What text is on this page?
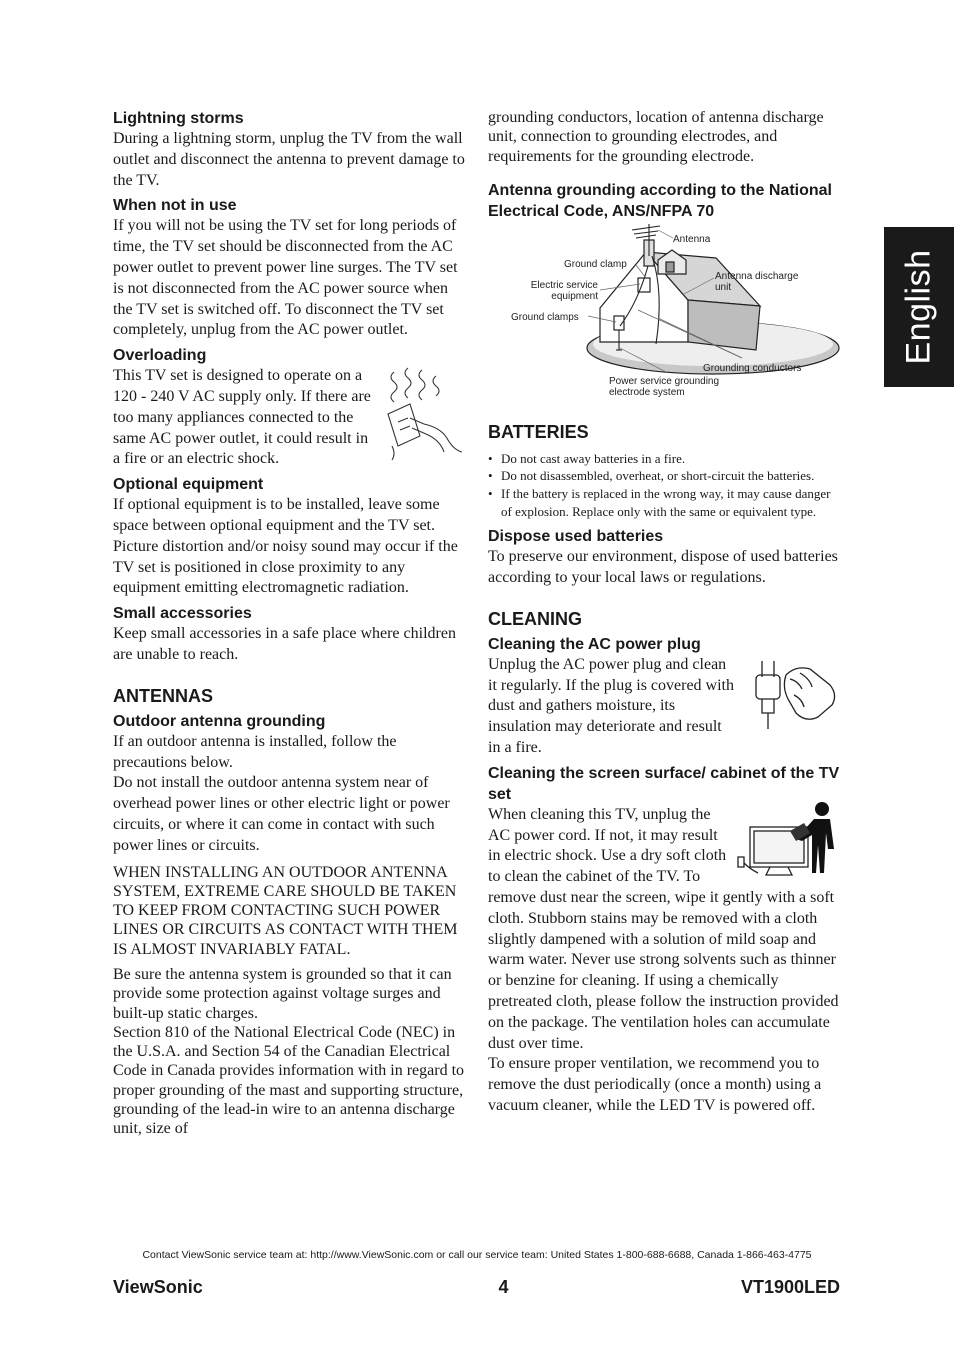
English
Lightning storms

During a lightning storm, unplug the TV from the wall outlet and disconnect the antenna to prevent damage to the TV.

When not in use

If you will not be using the TV set for long periods of time, the TV set should be disconnected from the AC power outlet to prevent power line surges. The TV set is not disconnected from the AC power source when the TV set is switched off. To disconnect the TV set completely, unplug from the AC power outlet.

Overloading

This TV set is designed to operate on a 120 - 240 V AC supply only. If there are too many appliances connected to the same AC power outlet, it could result in a fire or an electric shock.

Optional equipment

If optional equipment is to be installed, leave some space between optional equipment and the TV set. Picture distortion and/or noisy sound may occur if the TV set is positioned in close proximity to any equipment emitting electromagnetic radiation.

Small accessories

Keep small accessories in a safe place where children are unable to reach.

ANTENNAS
Outdoor antenna grounding

If an outdoor antenna is installed, follow the precautions below.

Do not install the outdoor antenna system near of overhead power lines or other electric light or power circuits, or where it can come in contact with such power lines or circuits.

WHEN INSTALLING AN OUTDOOR ANTENNA SYSTEM, EXTREME CARE SHOULD BE TAKEN TO KEEP FROM CONTACTING SUCH POWER LINES OR CIRCUITS AS CONTACT WITH THEM IS ALMOST INVARIABLY FATAL.

Be sure the antenna system is grounded so that it can provide some protection against voltage surges and built-up static charges.

Section 810 of the National Electrical Code (NEC) in the U.S.A. and Section 54 of the Canadian Electrical Code in Canada provides information with in regard to proper grounding of the mast and supporting structure, grounding of the lead-in wire to an antenna discharge unit, size of

grounding conductors, location of antenna discharge unit, connection to grounding electrodes, and requirements for the grounding electrode.

Antenna grounding according to the National Electrical Code, ANS/NFPA 70
Antenna
Ground clamp
Antenna discharge
unit
Electric service
equipment
Ground clamps
Grounding conductors
Power service grounding
electrode system
BATTERIES
• Do not cast away batteries in a fire.
• Do not disassembled, overheat, or short-circuit the batteries.
• If the battery is replaced in the wrong way, it may cause danger of explosion. Replace only with the same or equivalent type.
Dispose used batteries

To preserve our environment, dispose of used batteries according to your local laws or regulations.

CLEANING
Cleaning the AC power plug

Unplug the AC power plug and clean it regularly. If the plug is covered with dust and gathers moisture, its insulation may deteriorate and result in a fire.

Cleaning the screen surface/ cabinet of the TV set

When cleaning this TV, unplug the AC power cord. If not, it may result in electric shock. Use a dry soft cloth to clean the cabinet of the TV. To remove dust near the screen, wipe it gently with a soft cloth. Stubborn stains may be removed with a cloth slightly dampened with a solution of mild soap and warm water. Never use strong solvents such as thinner or benzine for cleaning. If using a chemically pretreated cloth, please follow the instruction provided on the package. The ventilation holes can accumulate dust over time.

To ensure proper ventilation, we recommend you to remove the dust periodically (once a month) using a vacuum cleaner, while the LED TV is powered off.

Contact ViewSonic service team at: http://www.ViewSonic.com or call our service team: United States 1-800-688-6688, Canada 1-866-463-4775
ViewSonic	4	VT1900LED
